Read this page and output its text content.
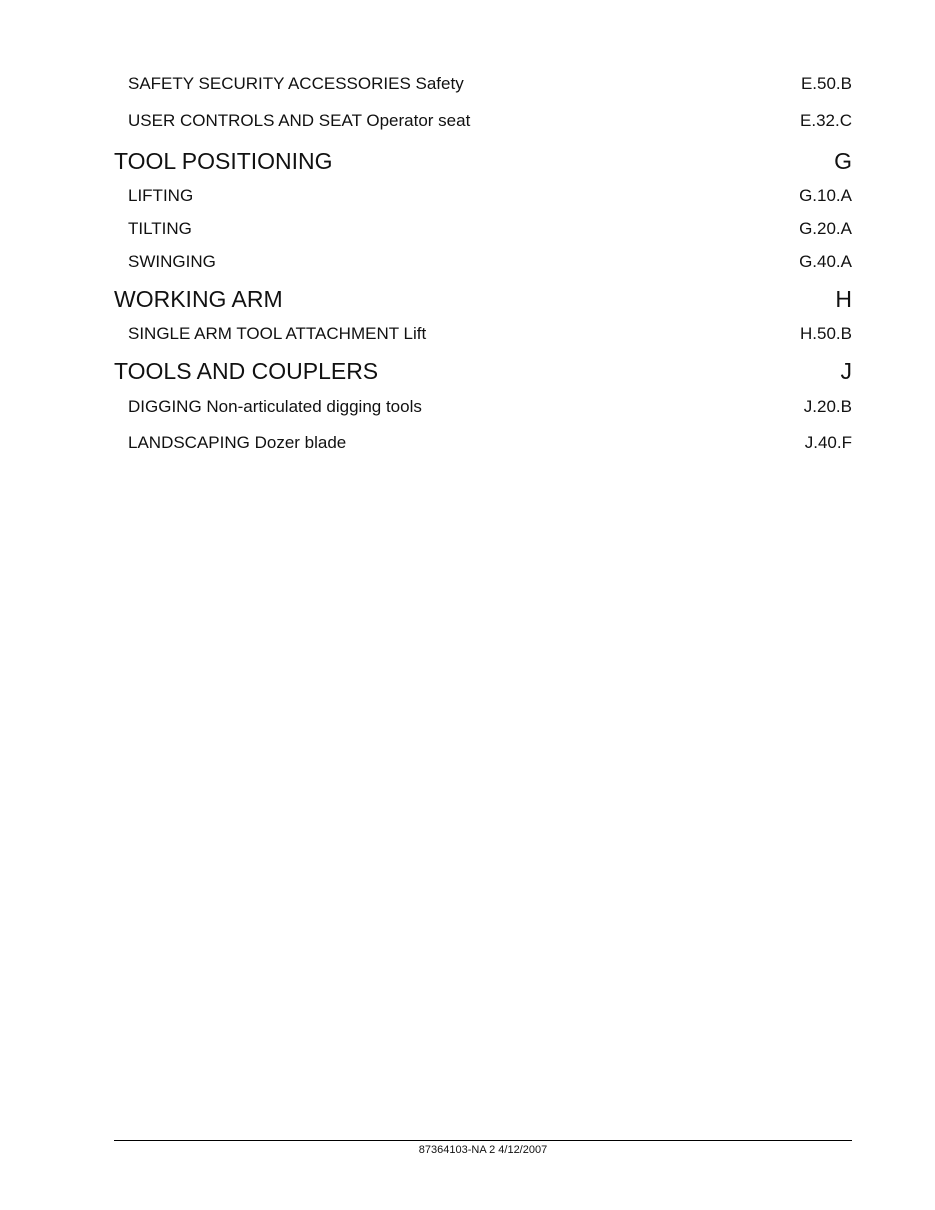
SAFETY SECURITY ACCESSORIES Safety	E.50.B
USER CONTROLS AND SEAT Operator seat	E.32.C
TOOL POSITIONING	G
LIFTING	G.10.A
TILTING	G.20.A
SWINGING	G.40.A
WORKING ARM	H
SINGLE ARM TOOL ATTACHMENT Lift	H.50.B
TOOLS AND COUPLERS	J
DIGGING Non-articulated digging tools	J.20.B
LANDSCAPING Dozer blade	J.40.F
87364103-NA 2 4/12/2007
